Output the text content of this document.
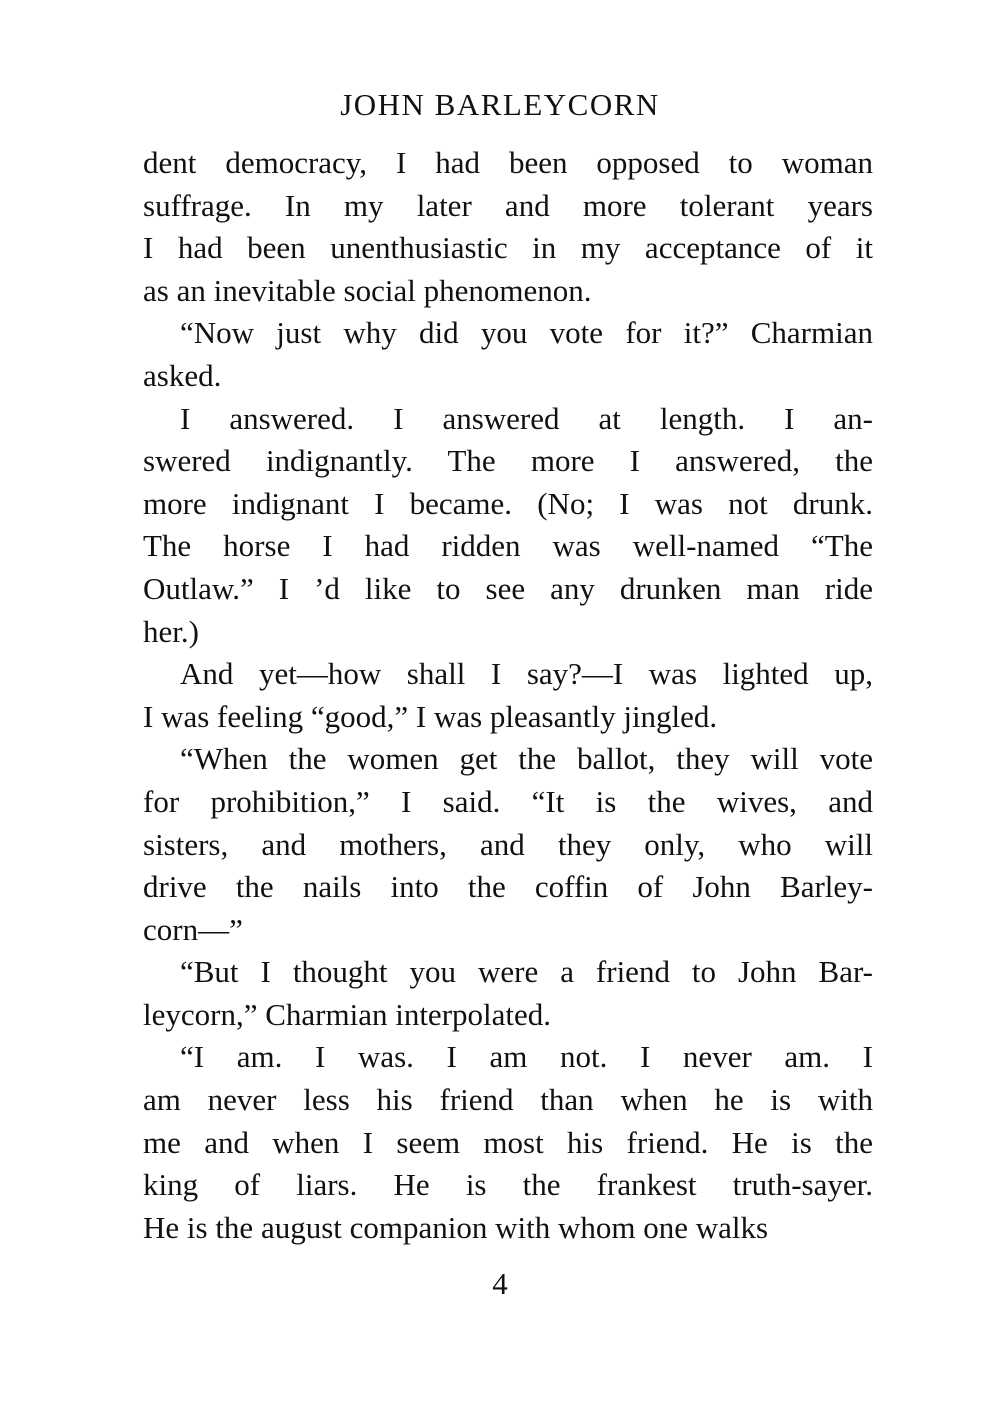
JOHN BARLEYCORN
dent democracy, I had been opposed to woman
suffrage. In my later and more tolerant years
I had been unenthusiastic in my acceptance of it
as an inevitable social phenomenon.
“Now just why did you vote for it?” Charmian
asked.
I answered. I answered at length. I an-
swered indignantly. The more I answered, the
more indignant I became. (No; I was not drunk.
The horse I had ridden was well-named “The
Outlaw.” I ’d like to see any drunken man ride
her.)
And yet—how shall I say?—I was lighted up,
I was feeling “good,” I was pleasantly jingled.
“When the women get the ballot, they will vote
for prohibition,” I said. “It is the wives, and
sisters, and mothers, and they only, who will
drive the nails into the coffin of John Barley-
corn—”
“But I thought you were a friend to John Bar-
leycorn,” Charmian interpolated.
“I am. I was. I am not. I never am. I
am never less his friend than when he is with
me and when I seem most his friend. He is the
king of liars. He is the frankest truth-sayer.
He is the august companion with whom one walks
4
